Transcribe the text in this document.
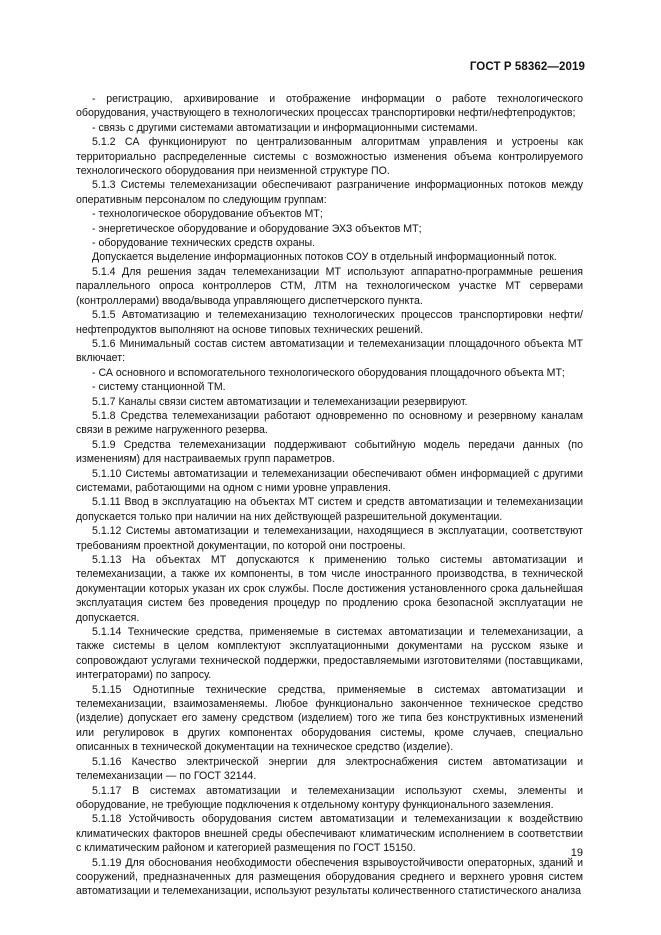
ГОСТ Р 58362—2019

- регистрацию, архивирование и отображение информации о работе технологического оборудования, участвующего в технологических процессах транспортировки нефти/нефтепродуктов;

- связь с другими системами автоматизации и информационными системами.

5.1.2 СА функционируют по централизованным алгоритмам управления и устроены как территориально распределенные системы с возможностью изменения объема контролируемого технологического оборудования при неизменной структуре ПО.

5.1.3 Системы телемеханизации обеспечивают разграничение информационных потоков между оперативным персоналом по следующим группам:

- технологическое оборудование объектов МТ;

- энергетическое оборудование и оборудование ЭХЗ объектов МТ;

- оборудование технических средств охраны.

Допускается выделение информационных потоков СОУ в отдельный информационный поток.

5.1.4 Для решения задач телемеханизации МТ используют аппаратно-программные решения параллельного опроса контроллеров СТМ, ЛТМ на технологическом участке МТ серверами (контроллерами) ввода/вывода управляющего диспетчерского пункта.

5.1.5 Автоматизацию и телемеханизацию технологических процессов транспортировки нефти/нефтепродуктов выполняют на основе типовых технических решений.

5.1.6 Минимальный состав систем автоматизации и телемеханизации площадочного объекта МТ включает:

- СА основного и вспомогательного технологического оборудования площадочного объекта МТ;

- систему станционной ТМ.

5.1.7 Каналы связи систем автоматизации и телемеханизации резервируют.

5.1.8 Средства телемеханизации работают одновременно по основному и резервному каналам связи в режиме нагруженного резерва.

5.1.9 Средства телемеханизации поддерживают событийную модель передачи данных (по изменениям) для настраиваемых групп параметров.

5.1.10 Системы автоматизации и телемеханизации обеспечивают обмен информацией с другими системами, работающими на одном с ними уровне управления.

5.1.11 Ввод в эксплуатацию на объектах МТ систем и средств автоматизации и телемеханизации допускается только при наличии на них действующей разрешительной документации.

5.1.12 Системы автоматизации и телемеханизации, находящиеся в эксплуатации, соответствуют требованиям проектной документации, по которой они построены.

5.1.13 На объектах МТ допускаются к применению только системы автоматизации и телемеханизации, а также их компоненты, в том числе иностранного производства, в технической документации которых указан их срок службы. После достижения установленного срока дальнейшая эксплуатация систем без проведения процедур по продлению срока безопасной эксплуатации не допускается.

5.1.14 Технические средства, применяемые в системах автоматизации и телемеханизации, а также системы в целом комплектуют эксплуатационными документами на русском языке и сопровождают услугами технической поддержки, предоставляемыми изготовителями (поставщиками, интеграторами) по запросу.

5.1.15 Однотипные технические средства, применяемые в системах автоматизации и телемеханизации, взаимозаменяемы. Любое функционально законченное техническое средство (изделие) допускает его замену средством (изделием) того же типа без конструктивных изменений или регулировок в других компонентах оборудования системы, кроме случаев, специально описанных в технической документации на техническое средство (изделие).

5.1.16 Качество электрической энергии для электроснабжения систем автоматизации и телемеханизации — по ГОСТ 32144.

5.1.17 В системах автоматизации и телемеханизации используют схемы, элементы и оборудование, не требующие подключения к отдельному контуру функционального заземления.

5.1.18 Устойчивость оборудования систем автоматизации и телемеханизации к воздействию климатических факторов внешней среды обеспечивают климатическим исполнением в соответствии с климатическим районом и категорией размещения по ГОСТ 15150.

5.1.19 Для обоснования необходимости обеспечения взрывоустойчивости операторных, зданий и сооружений, предназначенных для размещения оборудования среднего и верхнего уровня систем автоматизации и телемеханизации, используют результаты количественного статистического анализа

19
